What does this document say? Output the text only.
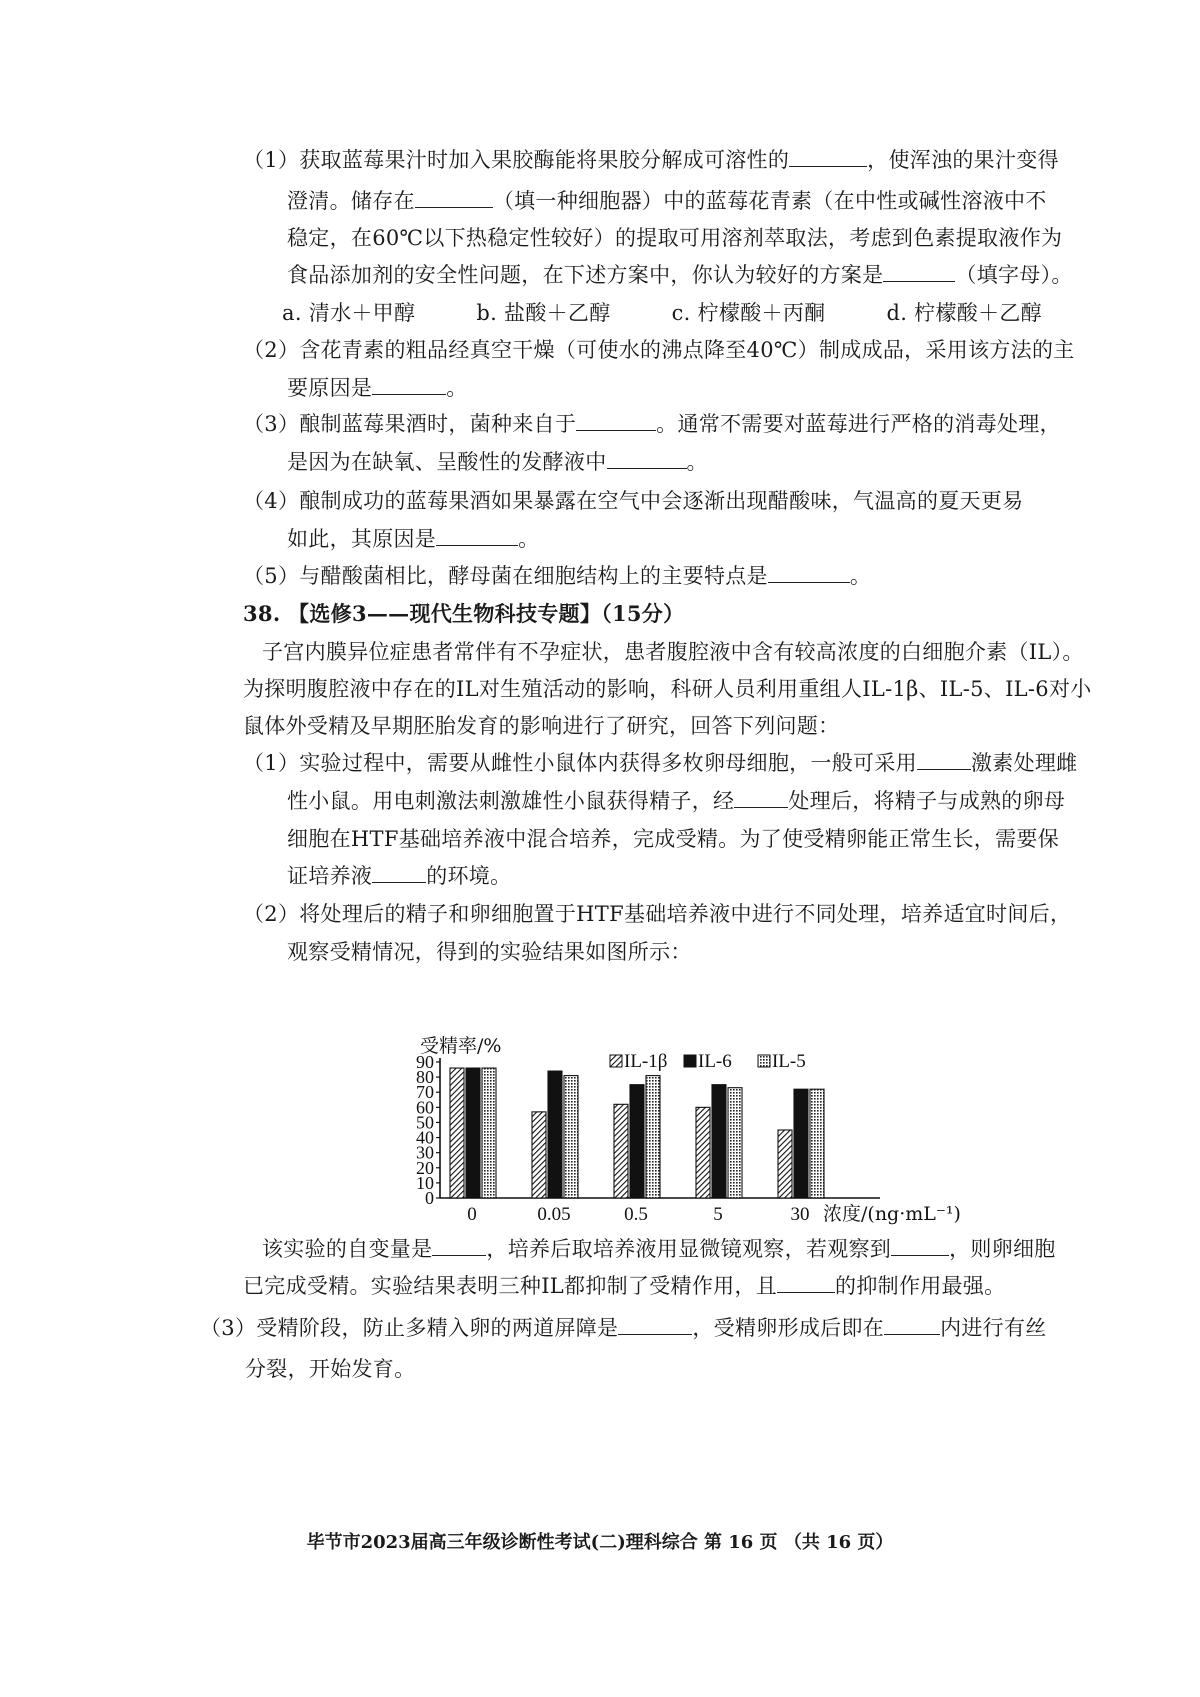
（1）获取蓝莓果汁时加入果胶酶能将果胶分解成可溶性的	，使浑浊的果汁变得
澄清。储存在	（填一种细胞器）中的蓝莓花青素（在中性或碱性溶液中不
稳定，在60℃以下热稳定性较好）的提取可用溶剂萃取法，考虑到色素提取液作为
食品添加剂的安全性问题，在下述方案中，你认为较好的方案是	（填字母）。
a. 清水＋甲醇	b. 盐酸＋乙醇	c. 柠檬酸＋丙酮	d. 柠檬酸＋乙醇
（2）含花青素的粗品经真空干燥（可使水的沸点降至40℃）制成成品，采用该方法的主
要原因是	。
（3）酿制蓝莓果酒时，菌种来自于	。通常不需要对蓝莓进行严格的消毒处理，
是因为在缺氧、呈酸性的发酵液中	。
（4）酿制成功的蓝莓果酒如果暴露在空气中会逐渐出现醋酸味，气温高的夏天更易
如此，其原因是	。
（5）与醋酸菌相比，酵母菌在细胞结构上的主要特点是	。
38. 【选修3——现代生物科技专题】（15分）
子宫内膜异位症患者常伴有不孕症状，患者腹腔液中含有较高浓度的白细胞介素（IL）。
为探明腹腔液中存在的IL对生殖活动的影响，科研人员利用重组人IL-1β、IL-5、IL-6对小
鼠体外受精及早期胚胎发育的影响进行了研究，回答下列问题：
（1）实验过程中，需要从雌性小鼠体内获得多枚卵母细胞，一般可采用	激素处理雌
性小鼠。用电刺激法刺激雄性小鼠获得精子，经	处理后，将精子与成熟的卵母
细胞在HTF基础培养液中混合培养，完成受精。为了使受精卵能正常生长，需要保
证培养液	的环境。
（2）将处理后的精子和卵细胞置于HTF基础培养液中进行不同处理，培养适宜时间后，
观察受精情况，得到的实验结果如图所示：
0
10
20
30
40
50
60
70
80
90
受精率/%
0	0.05	0.5	5	30 浓度/(ng·mL⁻¹)
IL-1β IL-6 IL-5
该实验的自变量是	，培养后取培养液用显微镜观察，若观察到	，则卵细胞
已完成受精。实验结果表明三种IL都抑制了受精作用，且	的抑制作用最强。
（3）受精阶段，防止多精入卵的两道屏障是	，受精卵形成后即在	内进行有丝
分裂，开始发育。
毕节市2023届高三年级诊断性考试(二)理科综合 第 16 页 （共 16 页）
